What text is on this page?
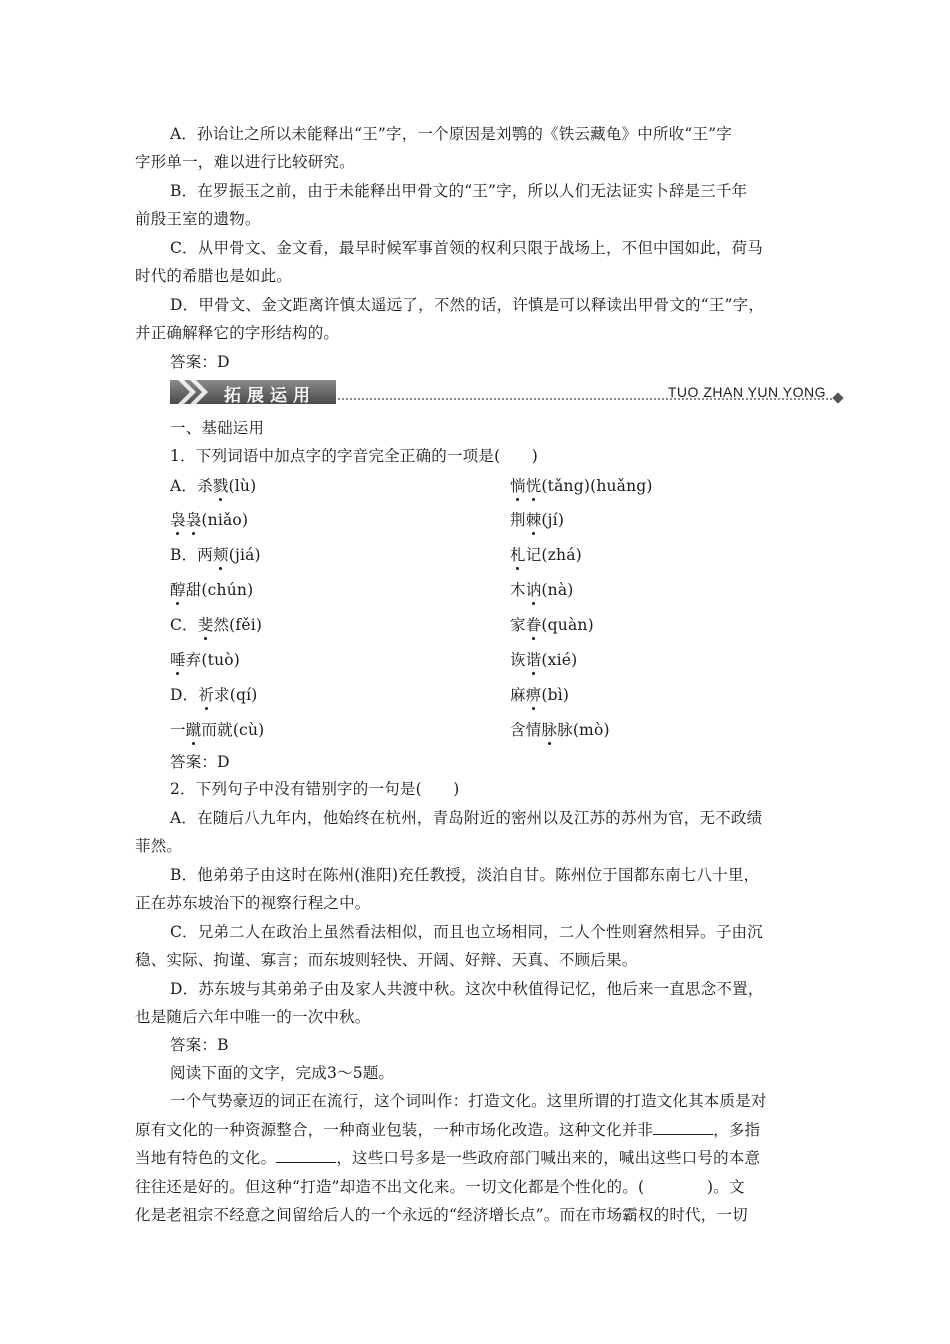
A．孙诒让之所以未能释出“王”字，一个原因是刘鹗的《铁云藏龟》中所收“王”字
字形单一，难以进行比较研究。
B．在罗振玉之前，由于未能释出甲骨文的“王”字，所以人们无法证实卜辞是三千年
前殷王室的遗物。
C．从甲骨文、金文看，最早时候军事首领的权利只限于战场上，不但中国如此，荷马
时代的希腊也是如此。
D．甲骨文、金文距离许慎太遥远了，不然的话，许慎是可以释读出甲骨文的“王”字，
并正确解释它的字形结构的。
答案：D
拓展运用	TUO ZHAN YUN YONG
一、基础运用
1．下列词语中加点字的字音完全正确的一项是(　　)
A．杀戮(lù)	惝恍(tǎng)(huǎng)
袅袅(niǎo)	荆棘(jí)
B．两颊(jiá)	札记(zhá)
醇甜(chún)	木讷(nà)
C．斐然(fěi)	家眷(quàn)
唾弃(tuò)	诙谐(xié)
D．祈求(qí)	麻痹(bì)
一蹴而就(cù)	含情脉脉(mò)
答案：D
2．下列句子中没有错别字的一句是(　　)
A．在随后八九年内，他始终在杭州，青岛附近的密州以及江苏的苏州为官，无不政绩
菲然。
B．他弟弟子由这时在陈州(淮阳)充任教授，淡泊自甘。陈州位于国都东南七八十里，
正在苏东坡治下的视察行程之中。
C．兄弟二人在政治上虽然看法相似，而且也立场相同，二人个性则窘然相异。子由沉
稳、实际、拘谨、寡言；而东坡则轻快、开阔、好辩、天真、不顾后果。
D．苏东坡与其弟弟子由及家人共渡中秋。这次中秋值得记忆，他后来一直思念不置，
也是随后六年中唯一的一次中秋。
答案：B
阅读下面的文字，完成3～5题。
一个气势豪迈的词正在流行，这个词叫作：打造文化。这里所谓的打造文化其本质是对
原有文化的一种资源整合，一种商业包装，一种市场化改造。这种文化并非	，多指
当地有特色的文化。	，这些口号多是一些政府部门喊出来的，喊出这些口号的本意
往往还是好的。但这种“打造”却造不出文化来。一切文化都是个性化的。(　　　　)。文
化是老祖宗不经意之间留给后人的一个永远的“经济增长点”。而在市场霸权的时代，一切
